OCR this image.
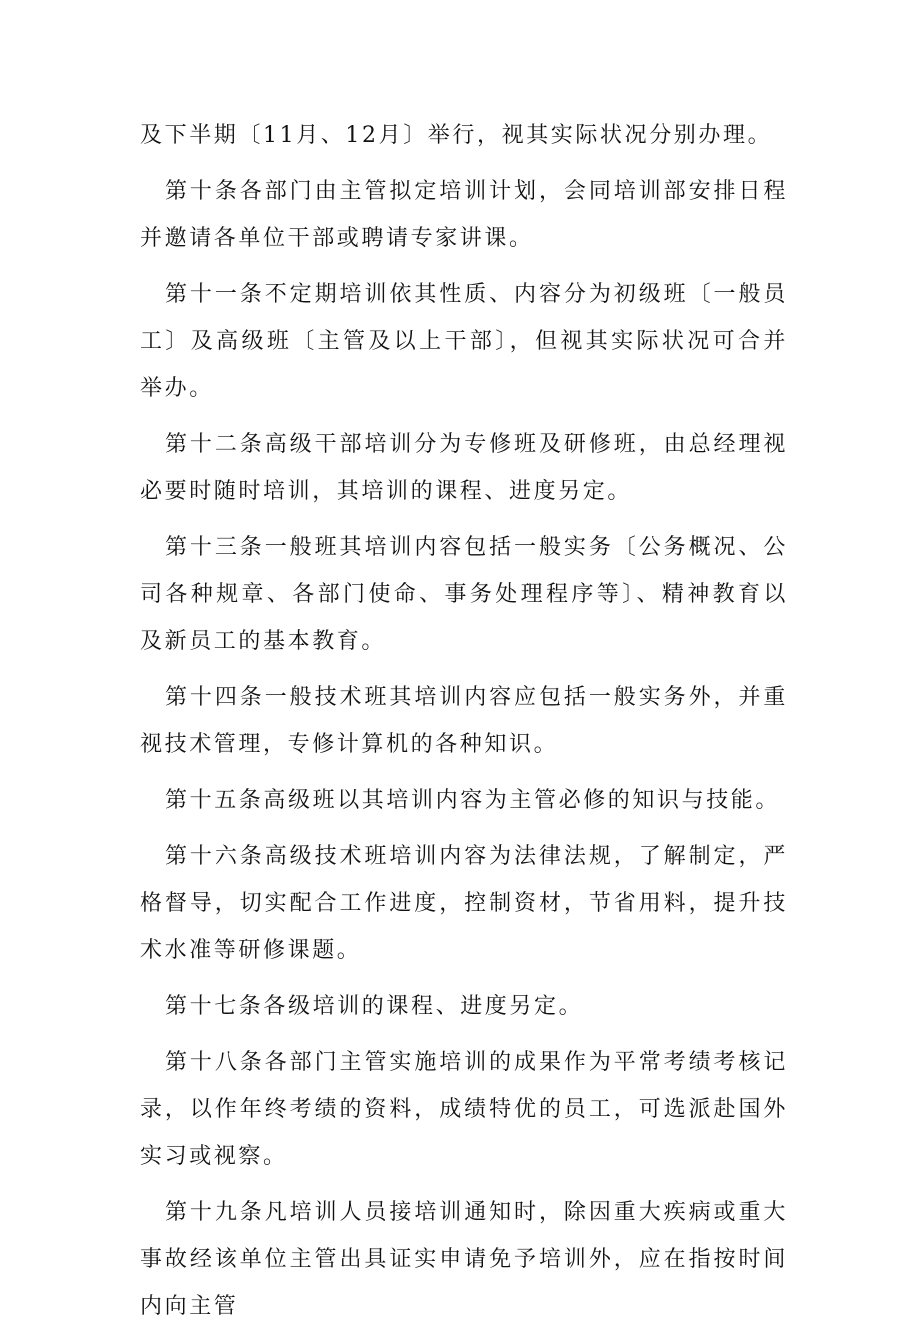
及下半期〔11月、12月〕举行，视其实际状况分别办理。

第十条各部门由主管拟定培训计划，会同培训部安排日程并邀请各单位干部或聘请专家讲课。

第十一条不定期培训依其性质、内容分为初级班〔一般员工〕及高级班〔主管及以上干部〕，但视其实际状况可合并举办。

第十二条高级干部培训分为专修班及研修班，由总经理视必要时随时培训，其培训的课程、进度另定。

第十三条一般班其培训内容包括一般实务〔公务概况、公司各种规章、各部门使命、事务处理程序等〕、精神教育以及新员工的基本教育。

第十四条一般技术班其培训内容应包括一般实务外，并重视技术管理，专修计算机的各种知识。

第十五条高级班以其培训内容为主管必修的知识与技能。

第十六条高级技术班培训内容为法律法规，了解制定，严格督导，切实配合工作进度，控制资材，节省用料，提升技术水准等研修课题。

第十七条各级培训的课程、进度另定。

第十八条各部门主管实施培训的成果作为平常考绩考核记录，以作年终考绩的资料，成绩特优的员工，可选派赴国外实习或视察。

第十九条凡培训人员接培训通知时，除因重大疾病或重大事故经该单位主管出具证实申请免予培训外，应在指按时间内向主管
